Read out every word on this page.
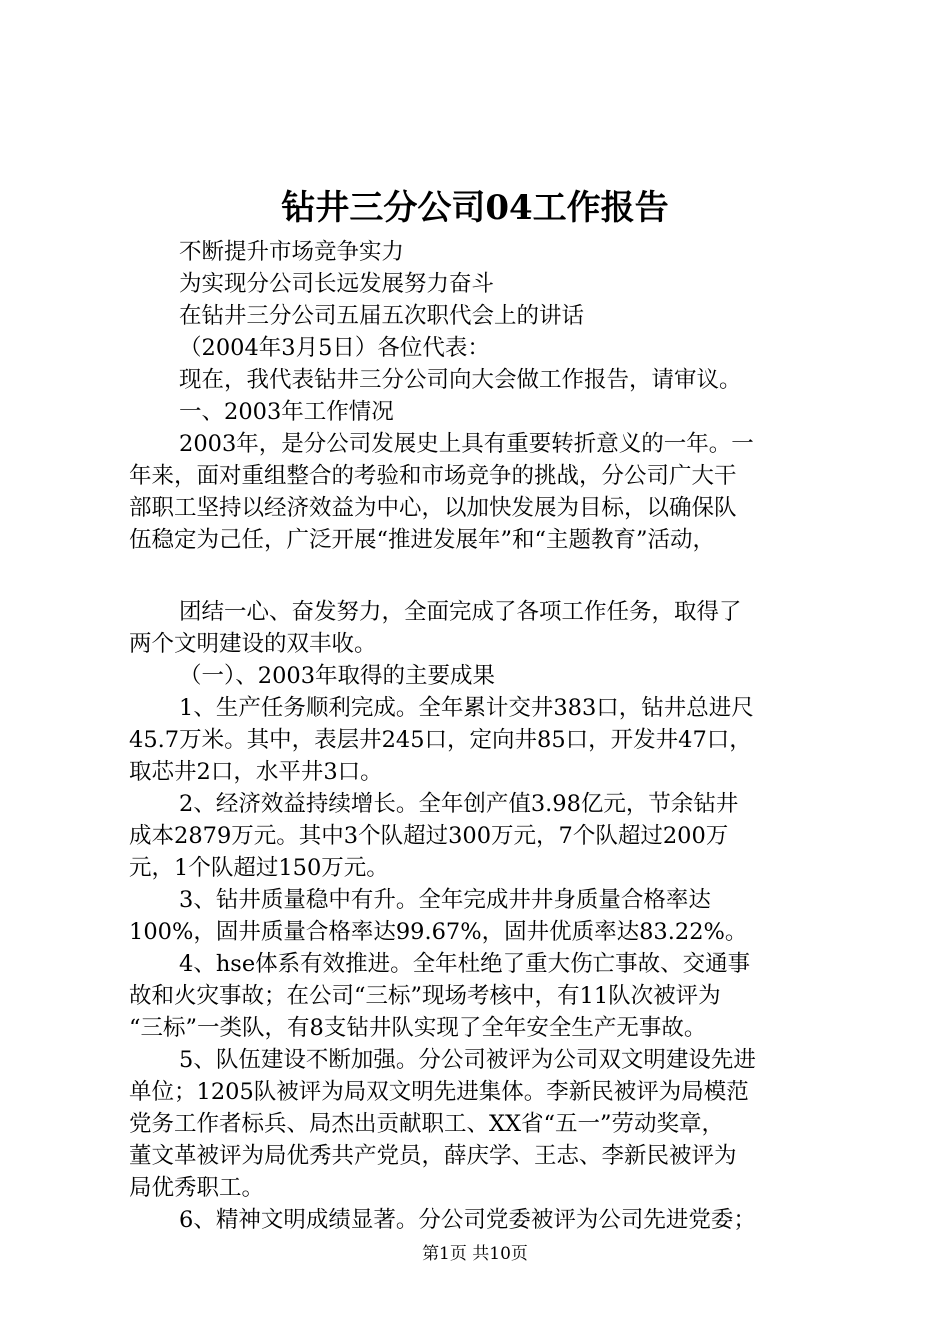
钻井三分公司04工作报告
不断提升市场竞争实力
为实现分公司长远发展努力奋斗
在钻井三分公司五届五次职代会上的讲话
（2004年3月5日）各位代表：
现在，我代表钻井三分公司向大会做工作报告，请审议。
一、2003年工作情况
2003年，是分公司发展史上具有重要转折意义的一年。一
年来，面对重组整合的考验和市场竞争的挑战，分公司广大干
部职工坚持以经济效益为中心，以加快发展为目标，以确保队
伍稳定为己任，广泛开展“推进发展年”和“主题教育”活动，
团结一心、奋发努力，全面完成了各项工作任务，取得了
两个文明建设的双丰收。
（一）、2003年取得的主要成果
1、生产任务顺利完成。全年累计交井383口，钻井总进尺
45.7万米。其中，表层井245口，定向井85口，开发井47口，
取芯井2口，水平井3口。
2、经济效益持续增长。全年创产值3.98亿元，节余钻井
成本2879万元。其中3个队超过300万元，7个队超过200万
元，1个队超过150万元。
3、钻井质量稳中有升。全年完成井井身质量合格率达
100%，固井质量合格率达99.67%，固井优质率达83.22%。
4、hse体系有效推进。全年杜绝了重大伤亡事故、交通事
故和火灾事故；在公司“三标”现场考核中，有11队次被评为
“三标”一类队，有8支钻井队实现了全年安全生产无事故。
5、队伍建设不断加强。分公司被评为公司双文明建设先进
单位；1205队被评为局双文明先进集体。李新民被评为局模范
党务工作者标兵、局杰出贡献职工、XX省“五一”劳动奖章，
董文革被评为局优秀共产党员，薛庆学、王志、李新民被评为
局优秀职工。
6、精神文明成绩显著。分公司党委被评为公司先进党委；
第1页 共10页
